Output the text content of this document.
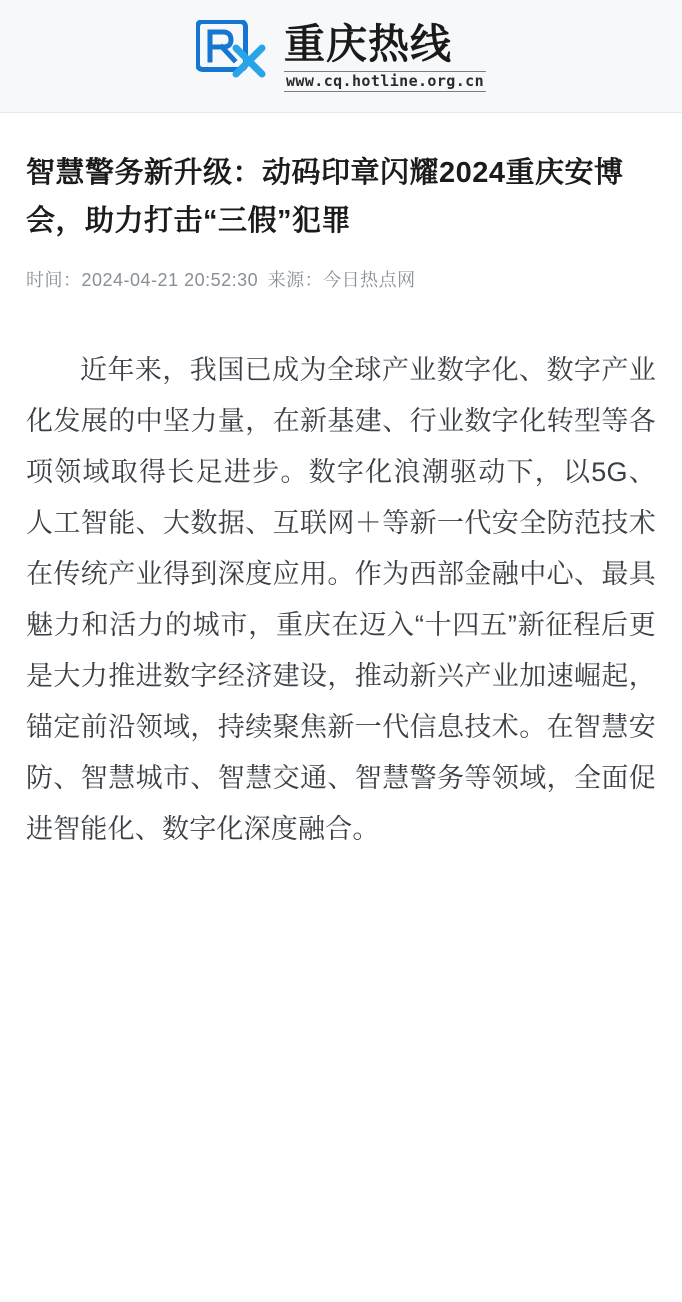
重庆热线
www.cq.hotline.org.cn
智慧警务新升级：动码印章闪耀2024重庆安博会，助力打击“三假”犯罪
时间：2024-04-21 20:52:30 来源：今日热点网

近年来，我国已成为全球产业数字化、数字产业化发展的中坚力量，在新基建、行业数字化转型等各项领域取得长足进步。数字化浪潮驱动下，以5G、人工智能、大数据、互联网＋等新一代安全防范技术在传统产业得到深度应用。作为西部金融中心、最具魅力和活力的城市，重庆在迈入“十四五”新征程后更是大力推进数字经济建设，推动新兴产业加速崛起，锚定前沿领域，持续聚焦新一代信息技术。在智慧安防、智慧城市、智慧交通、智慧警务等领域，全面促进智能化、数字化深度融合。
